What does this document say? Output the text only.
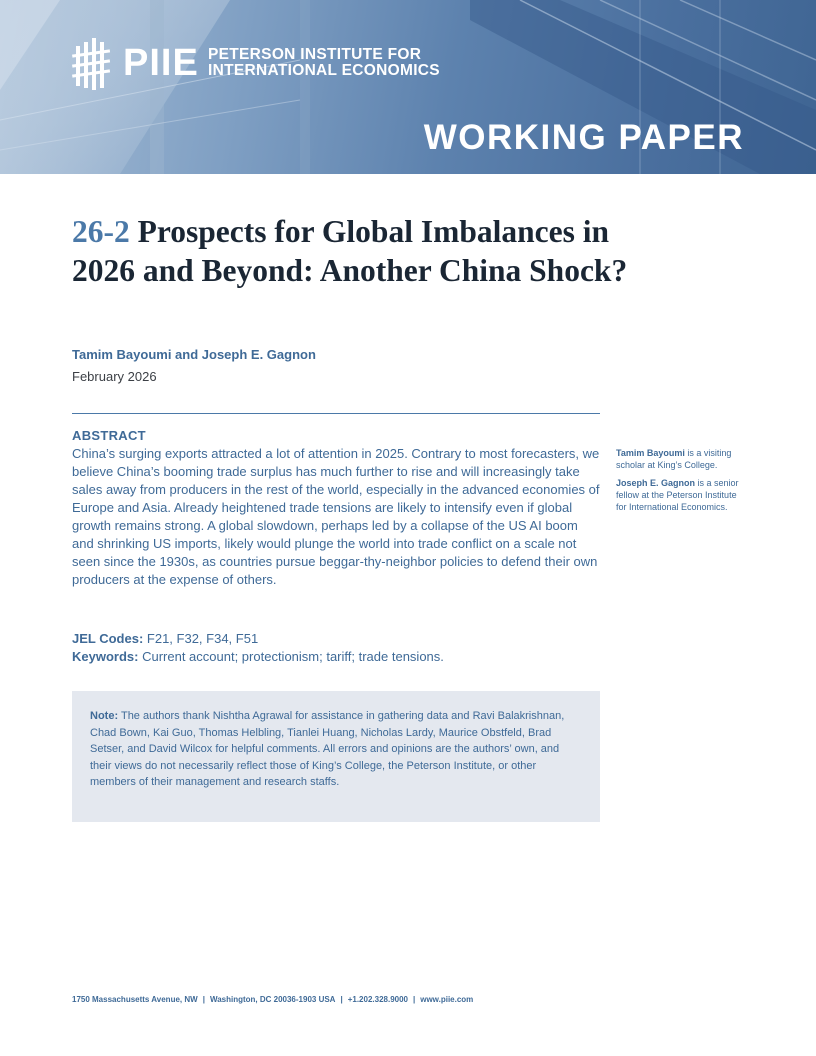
PIIE PETERSON INSTITUTE FOR
INTERNATIONAL ECONOMICS
WORKING PAPER
26-2 Prospects for Global Imbalances in 2026 and Beyond: Another China Shock?
Tamim Bayoumi and Joseph E. Gagnon
February 2026
ABSTRACT

China’s surging exports attracted a lot of attention in 2025. Contrary to most forecasters, we believe China’s booming trade surplus has much further to rise and will increasingly take sales away from producers in the rest of the world, especially in the advanced economies of Europe and Asia. Already heightened trade tensions are likely to intensify even if global growth remains strong. A global slowdown, perhaps led by a collapse of the US AI boom and shrinking US imports, likely would plunge the world into trade conflict on a scale not seen since the 1930s, as countries pursue beggar-thy-neighbor policies to defend their own producers at the expense of others.

JEL Codes: F21, F32, F34, F51
Keywords: Current account; protectionism; tariff; trade tensions.

Tamim Bayoumi is a visiting scholar at King’s College.

Joseph E. Gagnon is a senior fellow at the Peterson Institute for International Economics.

Note: The authors thank Nishtha Agrawal for assistance in gathering data and Ravi Balakrishnan, Chad Bown, Kai Guo, Thomas Helbling, Tianlei Huang, Nicholas Lardy, Maurice Obstfeld, Brad Setser, and David Wilcox for helpful comments. All errors and opinions are the authors’ own, and their views do not necessarily reflect those of King’s College, the Peterson Institute, or other members of their management and research staffs.
1750 Massachusetts Avenue, NW | Washington, DC 20036-1903 USA | +1.202.328.9000 | www.piie.com
